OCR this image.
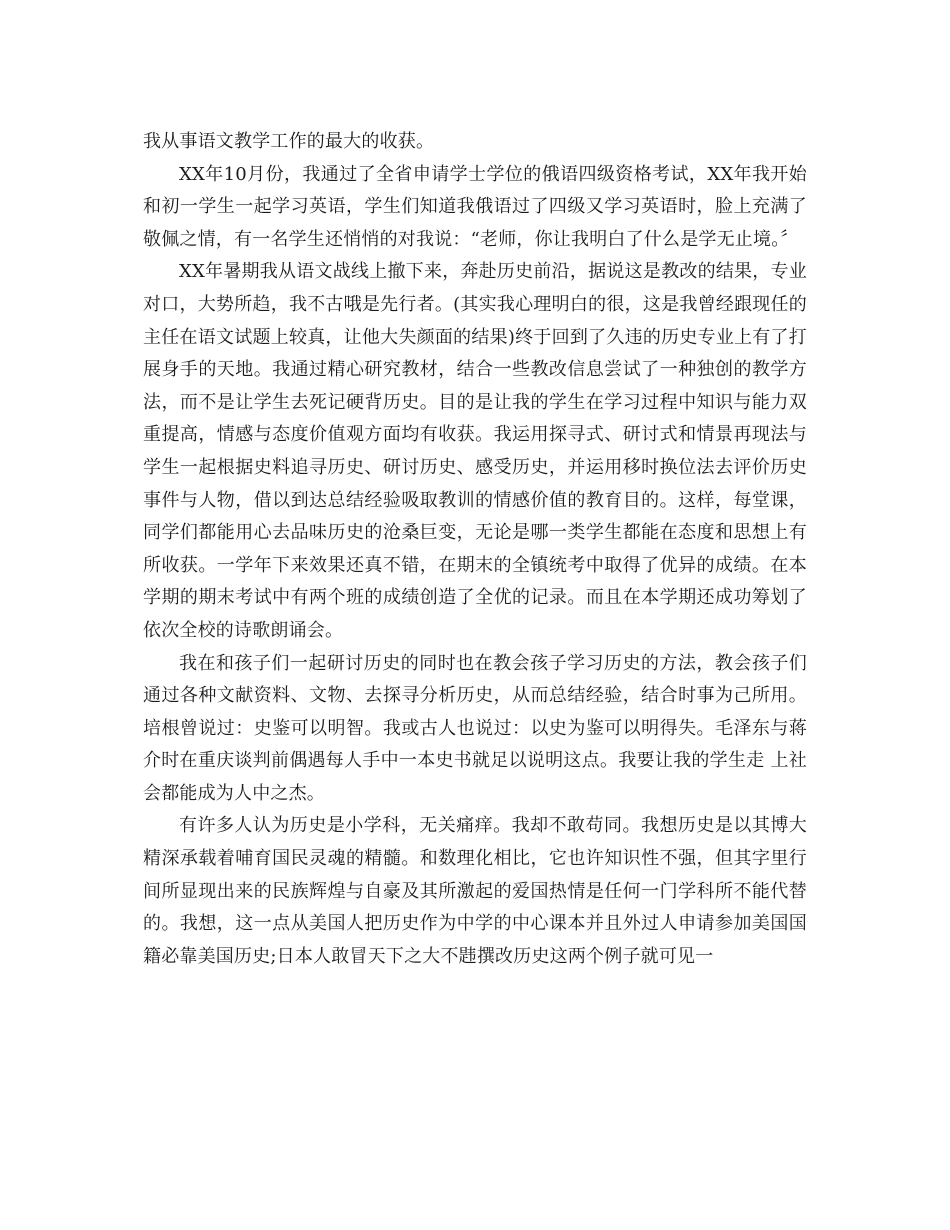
我从事语文教学工作的最大的收获。

XX年10月份，我通过了全省申请学士学位的俄语四级资格考试，XX年我开始和初一学生一起学习英语，学生们知道我俄语过了四级又学习英语时，脸上充满了敬佩之情，有一名学生还悄悄的对我说：“老师，你让我明白了什么是学无止境。〞

XX年暑期我从语文战线上撤下来，奔赴历史前沿，据说这是教改的结果，专业对口，大势所趋，我不古哦是先行者。(其实我心理明白的很，这是我曾经跟现任的主任在语文试题上较真，让他大失颜面的结果)终于回到了久违的历史专业上有了打展身手的天地。我通过精心研究教材，结合一些教改信息尝试了一种独创的教学方法，而不是让学生去死记硬背历史。目的是让我的学生在学习过程中知识与能力双重提高，情感与态度价值观方面均有收获。我运用探寻式、研讨式和情景再现法与学生一起根据史料追寻历史、研讨历史、感受历史，并运用移时换位法去评价历史事件与人物，借以到达总结经验吸取教训的情感价值的教育目的。这样，每堂课，同学们都能用心去品味历史的沧桑巨变，无论是哪一类学生都能在态度和思想上有所收获。一学年下来效果还真不错，在期末的全镇统考中取得了优异的成绩。在本学期的期末考试中有两个班的成绩创造了全优的记录。而且在本学期还成功筹划了依次全校的诗歌朗诵会。

我在和孩子们一起研讨历史的同时也在教会孩子学习历史的方法，教会孩子们通过各种文献资料、文物、去探寻分析历史，从而总结经验，结合时事为己所用。培根曾说过：史鉴可以明智。我或古人也说过：以史为鉴可以明得失。毛泽东与蒋介时在重庆谈判前偶遇每人手中一本史书就足以说明这点。我要让我的学生走 上社会都能成为人中之杰。

有许多人认为历史是小学科，无关痛痒。我却不敢苟同。我想历史是以其博大精深承载着哺育国民灵魂的精髓。和数理化相比，它也许知识性不强，但其字里行间所显现出来的民族辉煌与自豪及其所激起的爱国热情是任何一门学科所不能代替的。我想，这一点从美国人把历史作为中学的中心课本并且外过人申请参加美国国籍必靠美国历史;日本人敢冒天下之大不韪撰改历史这两个例子就可见一
